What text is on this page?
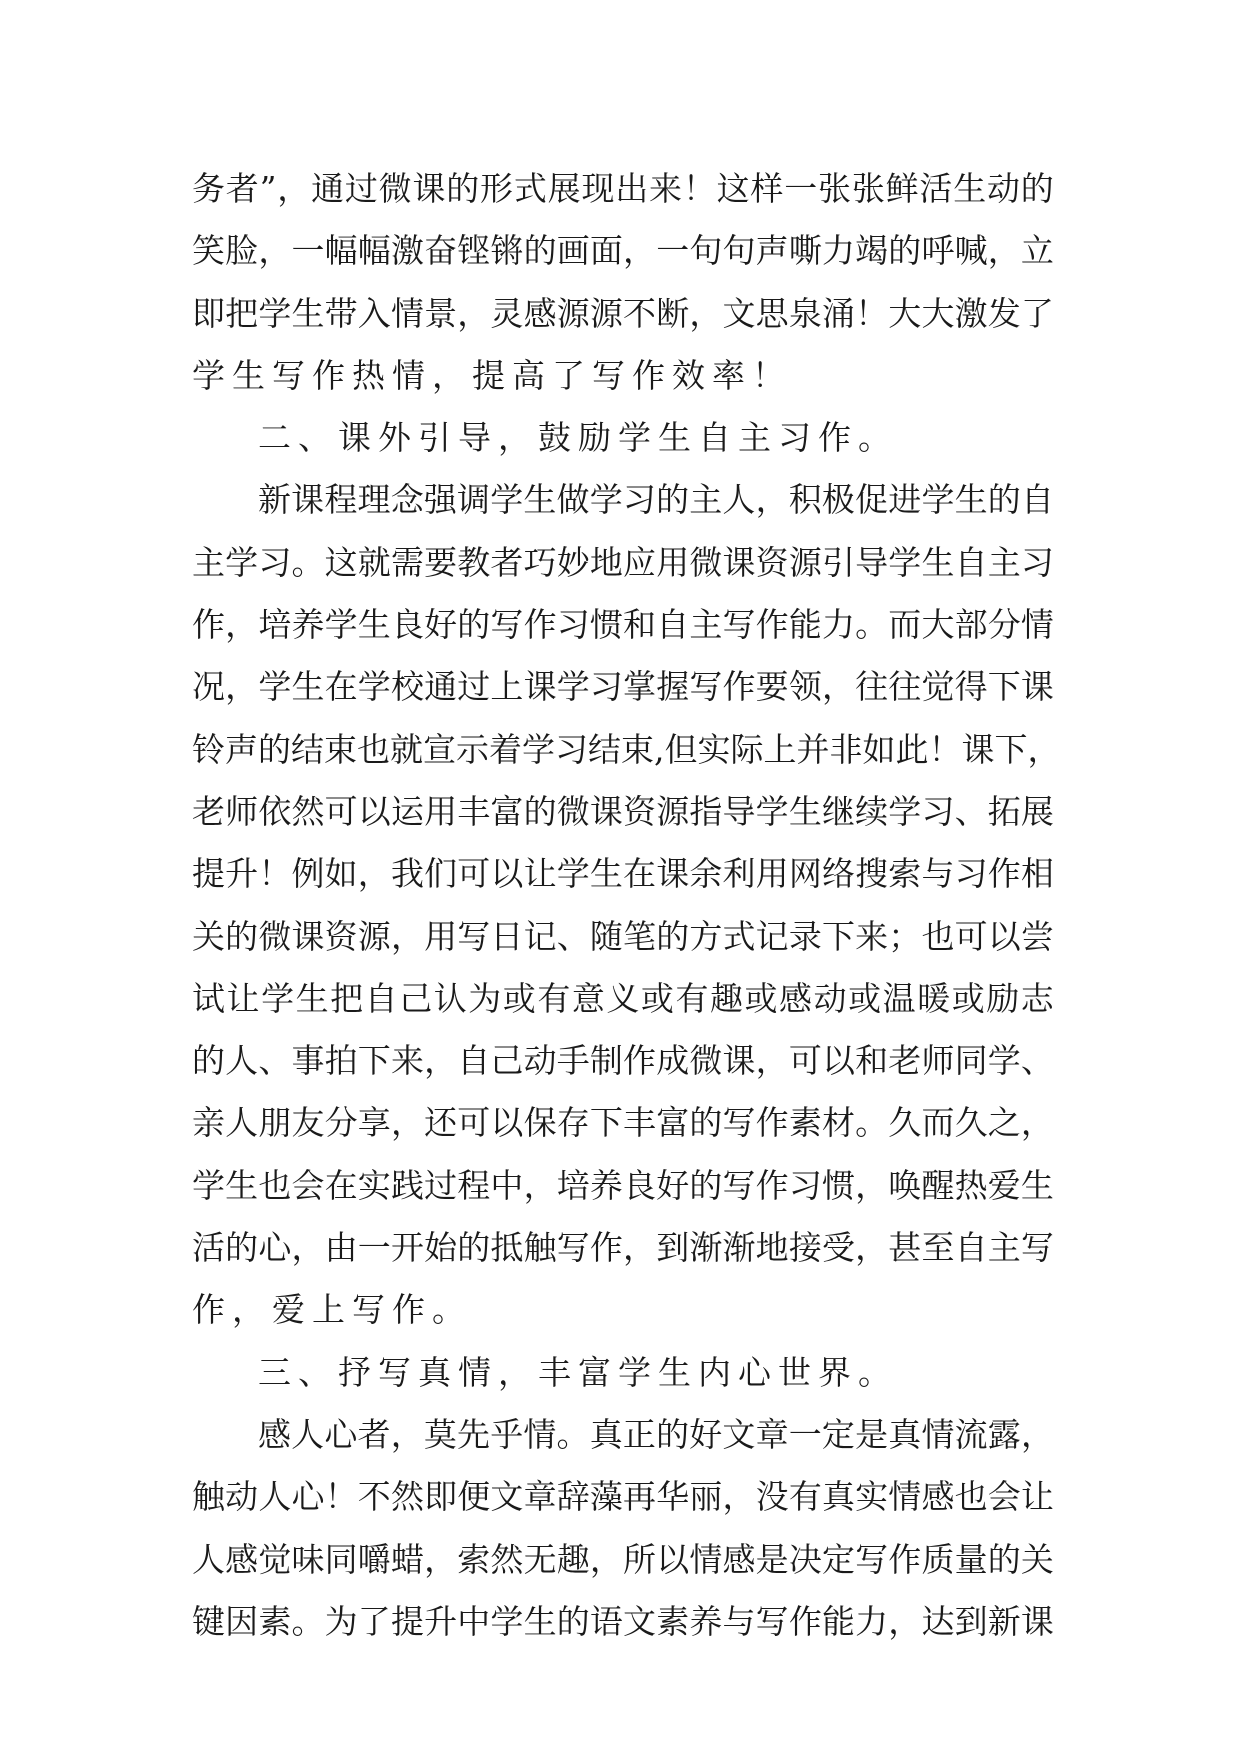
务 者 ” ， 通 过 微 课 的 形 式 展 现 出 来 ！ 这 样 一 张 张 鲜 活 生 动 的
笑 脸 ， 一 幅 幅 激 奋 铿 锵 的 画 面 ， 一 句 句 声 嘶 力 竭 的 呼 喊 ， 立
即 把 学 生 带 入 情 景 ， 灵 感 源 源 不 断 ， 文 思 泉 涌 ！ 大 大 激 发 了
学生写作热情，提高了写作效率！
二、课外引导，鼓励学生自主习作。
新 课 程 理 念 强 调 学 生 做 学 习 的 主 人 ， 积 极 促 进 学 生 的 自
主 学 习 。 这 就 需 要 教 者 巧 妙 地 应 用 微 课 资 源 引 导 学 生 自 主 习
作 ， 培 养 学 生 良 好 的 写 作 习 惯 和 自 主 写 作 能 力 。 而 大 部 分 情
况 ， 学 生 在 学 校 通 过 上 课 学 习 掌 握 写 作 要 领 ， 往 往 觉 得 下 课
铃 声 的 结 束 也 就 宣 示 着 学 习 结 束 , 但 实 际 上 并 非 如 此 ！ 课 下 ，
老 师 依 然 可 以 运 用 丰 富 的 微 课 资 源 指 导 学 生 继 续 学 习 、 拓 展
提 升 ！ 例 如 ， 我 们 可 以 让 学 生 在 课 余 利 用 网 络 搜 索 与 习 作 相
关 的 微 课 资 源 ， 用 写 日 记 、 随 笔 的 方 式 记 录 下 来 ； 也 可 以 尝
试 让 学 生 把 自 己 认 为 或 有 意 义 或 有 趣 或 感 动 或 温 暖 或 励 志
的 人 、 事 拍 下 来 ， 自 己 动 手 制 作 成 微 课 ， 可 以 和 老 师 同 学 、
亲 人 朋 友 分 享 ， 还 可 以 保 存 下 丰 富 的 写 作 素 材 。 久 而 久 之 ，
学 生 也 会 在 实 践 过 程 中 ， 培 养 良 好 的 写 作 习 惯 ， 唤 醒 热 爱 生
活 的 心 ， 由 一 开 始 的 抵 触 写 作 ， 到 渐 渐 地 接 受 ， 甚 至 自 主 写
作，爱上写作。
三、抒写真情，丰富学生内心世界。
感 人 心 者 ， 莫 先 乎 情 。 真 正 的 好 文 章 一 定 是 真 情 流 露 ，
触 动 人 心 ！ 不 然 即 便 文 章 辞 藻 再 华 丽 ， 没 有 真 实 情 感 也 会 让
人 感 觉 味 同 嚼 蜡 ， 索 然 无 趣 ， 所 以 情 感 是 决 定 写 作 质 量 的 关
键 因 素 。 为 了 提 升 中 学 生 的 语 文 素 养 与 写 作 能 力 ， 达 到 新 课
